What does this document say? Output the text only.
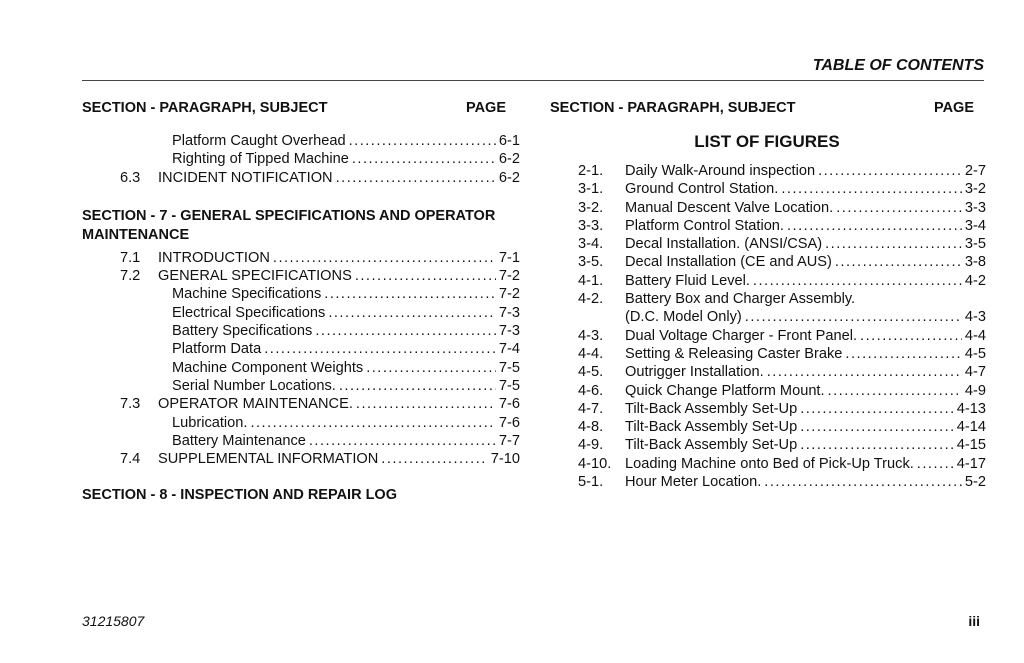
TABLE OF CONTENTS
SECTION - PARAGRAPH, SUBJECT	PAGE
Platform Caught Overhead .....	6-1
Righting of Tipped Machine .....	6-2
6.3	INCIDENT NOTIFICATION .....	6-2
SECTION - 7 - GENERAL SPECIFICATIONS AND OPERATOR MAINTENANCE
7.1	INTRODUCTION .....	7-1
7.2	GENERAL SPECIFICATIONS .....	7-2
Machine Specifications .....	7-2
Electrical Specifications .....	7-3
Battery Specifications .....	7-3
Platform Data .....	7-4
Machine Component Weights .....	7-5
Serial Number Locations. .....	7-5
7.3	OPERATOR MAINTENANCE. .....	7-6
Lubrication. .....	7-6
Battery Maintenance .....	7-7
7.4	SUPPLEMENTAL INFORMATION .....	7-10
SECTION - 8 - INSPECTION AND REPAIR LOG
SECTION - PARAGRAPH, SUBJECT	PAGE
LIST OF FIGURES
2-1.	Daily Walk-Around inspection .....	2-7
3-1.	Ground Control Station. .....	3-2
3-2.	Manual Descent Valve Location. .....	3-3
3-3.	Platform Control Station. .....	3-4
3-4.	Decal Installation. (ANSI/CSA) .....	3-5
3-5.	Decal Installation (CE and AUS) .....	3-8
4-1.	Battery Fluid Level. .....	4-2
4-2.	Battery Box and Charger Assembly.
(D.C. Model Only) .....	4-3
4-3.	Dual Voltage Charger - Front Panel. .....	4-4
4-4.	Setting & Releasing Caster Brake .....	4-5
4-5.	Outrigger Installation. .....	4-7
4-6.	Quick Change Platform Mount. .....	4-9
4-7.	Tilt-Back Assembly Set-Up .....	4-13
4-8.	Tilt-Back Assembly Set-Up .....	4-14
4-9.	Tilt-Back Assembly Set-Up .....	4-15
4-10. Loading Machine onto Bed of Pick-Up Truck. .....	4-17
5-1.	Hour Meter Location. .....	5-2
31215807	iii
